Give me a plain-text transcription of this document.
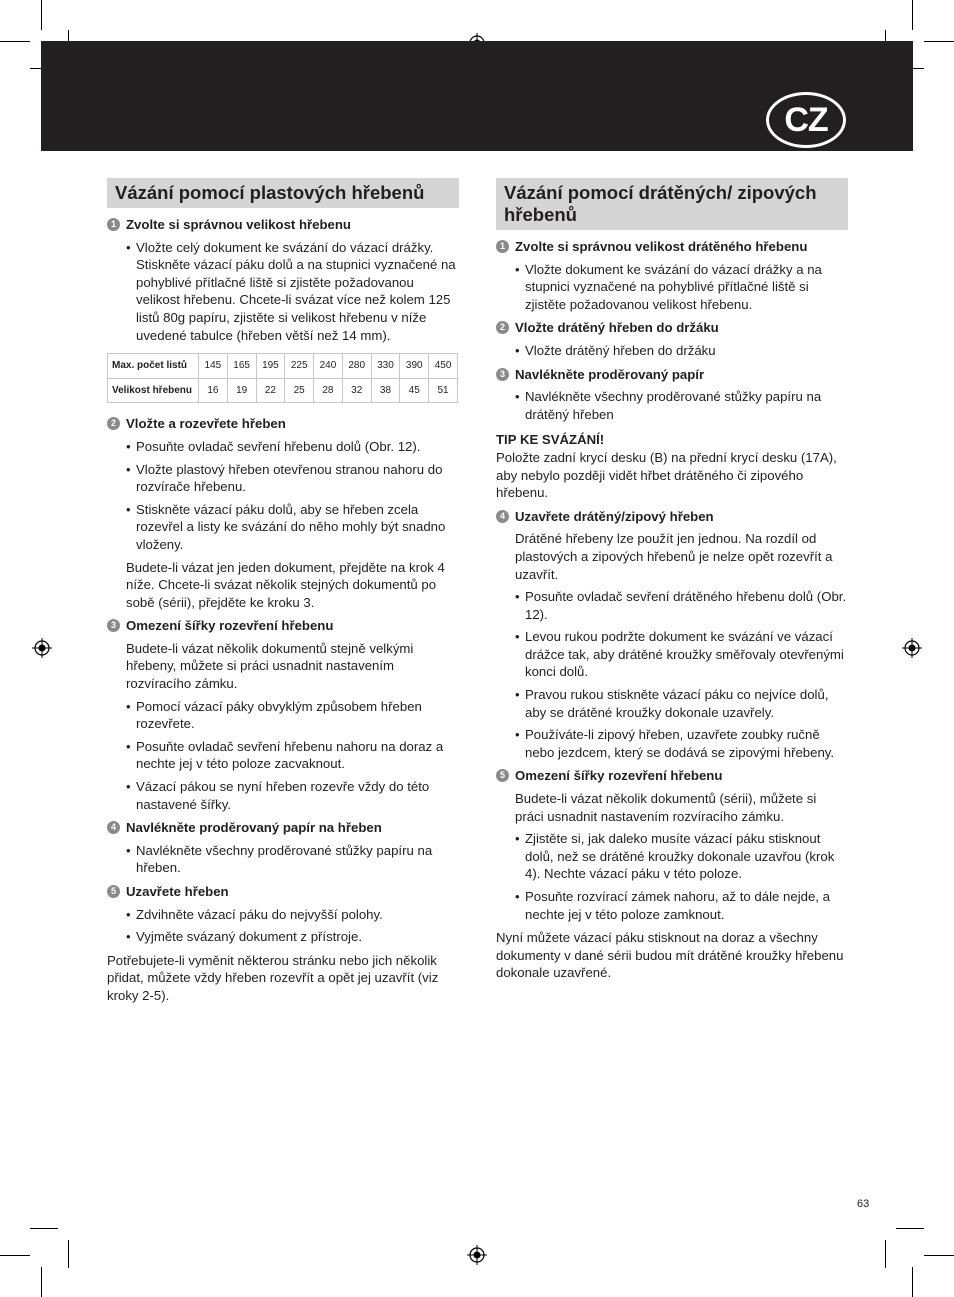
CZ
Vázání pomocí plastových hřebenů
1 Zvolte si správnou velikost hřebenu
• Vložte celý dokument ke svázání do vázací drážky. Stiskněte vázací páku dolů a na stupnici vyznačené na pohyblivé přítlačné liště si zjistěte požadovanou velikost hřebenu. Chcete-li svázat více než kolem 125 listů 80g papíru, zjistěte si velikost hřebenu v níže uvedené tabulce (hřeben větší než 14 mm).
Max. počet listů	145	165	195	225	240	280	330	390	450
Velikost hřebenu	16	19	22	25	28	32	38	45	51
2 Vložte a rozevřete hřeben
• Posuňte ovladač sevření hřebenu dolů (Obr. 12).
• Vložte plastový hřeben otevřenou stranou nahoru do rozvírače hřebenu.
• Stiskněte vázací páku dolů, aby se hřeben zcela rozevřel a listy ke svázání do něho mohly být snadno vloženy.
Budete-li vázat jen jeden dokument, přejděte na krok 4 níže. Chcete-li svázat několik stejných dokumentů po sobě (sérii), přejděte ke kroku 3.
3 Omezení šířky rozevření hřebenu
Budete-li vázat několik dokumentů stejně velkými hřebeny, můžete si práci usnadnit nastavením rozvíracího zámku.
• Pomocí vázací páky obvyklým způsobem hřeben rozevřete.
• Posuňte ovladač sevření hřebenu nahoru na doraz a nechte jej v této poloze zacvaknout.
• Vázací pákou se nyní hřeben rozevře vždy do této nastavené šířky.
4 Navlékněte proděrovaný papír na hřeben
• Navlékněte všechny proděrované stůžky papíru na hřeben.
5 Uzavřete hřeben
• Zdvihněte vázací páku do nejvyšší polohy.
• Vyjměte svázaný dokument z přístroje.
Potřebujete-li vyměnit některou stránku nebo jich několik přidat, můžete vždy hřeben rozevřít a opět jej uzavřít (viz kroky 2-5).
Vázání pomocí drátěných/ zipových hřebenů
1 Zvolte si správnou velikost drátěného hřebenu
• Vložte dokument ke svázání do vázací drážky a na stupnici vyznačené na pohyblivé přítlačné liště si zjistěte požadovanou velikost hřebenu.
2 Vložte drátěný hřeben do držáku
• Vložte drátěný hřeben do držáku
3 Navlékněte proděrovaný papír
• Navlékněte všechny proděrované stůžky papíru na drátěný hřeben
TIP KE SVÁZÁNÍ!
Položte zadní krycí desku (B) na přední krycí desku (17A), aby nebylo později vidět hřbet drátěného či zipového hřebenu.
4 Uzavřete drátěný/zipový hřeben
Drátěné hřebeny lze použít jen jednou. Na rozdíl od plastových a zipových hřebenů je nelze opět rozevřít a uzavřít.
• Posuňte ovladač sevření drátěného hřebenu dolů (Obr. 12).
• Levou rukou podržte dokument ke svázání ve vázací drážce tak, aby drátěné kroužky směřovaly otevřenými konci dolů.
• Pravou rukou stiskněte vázací páku co nejvíce dolů, aby se drátěné kroužky dokonale uzavřely.
• Používáte-li zipový hřeben, uzavřete zoubky ručně nebo jezdcem, který se dodává se zipovými hřebeny.
5 Omezení šířky rozevření hřebenu
Budete-li vázat několik dokumentů (sérii), můžete si práci usnadnit nastavením rozvíracího zámku.
• Zjistěte si, jak daleko musíte vázací páku stisknout dolů, než se drátěné kroužky dokonale uzavřou (krok 4). Nechte vázací páku v této poloze.
• Posuňte rozvírací zámek nahoru, až to dále nejde, a nechte jej v této poloze zamknout.
Nyní můžete vázací páku stisknout na doraz a všechny dokumenty v dané sérii budou mít drátěné kroužky hřebenu dokonale uzavřené.
63
